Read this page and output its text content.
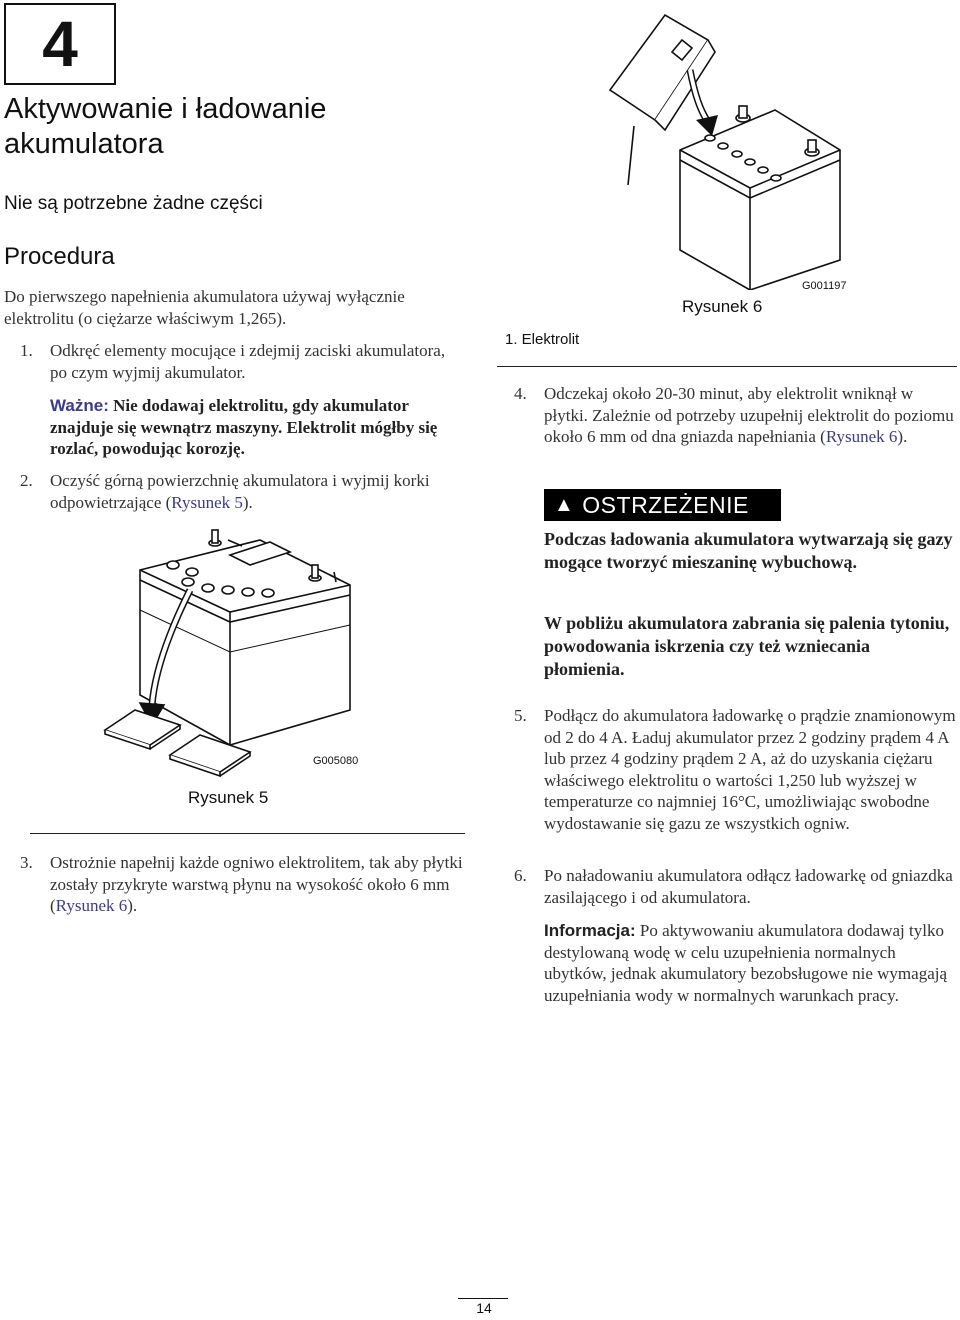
4
Aktywowanie i ładowanie akumulatora
Nie są potrzebne żadne części
Procedura
Do pierwszego napełnienia akumulatora używaj wyłącznie elektrolitu (o ciężarze właściwym 1,265).
1. Odkręć elementy mocujące i zdejmij zaciski akumulatora, po czym wyjmij akumulator.
Ważne: Nie dodawaj elektrolitu, gdy akumulator znajduje się wewnątrz maszyny. Elektrolit mógłby się rozlać, powodując korozję.
2. Oczyść górną powierzchnię akumulatora i wyjmij korki odpowietrzające (Rysunek 5).
G005080
Rysunek 5
3. Ostrożnie napełnij każde ogniwo elektrolitem, tak aby płytki zostały przykryte warstwą płynu na wysokość około 6 mm (Rysunek 6).
G001197
Rysunek 6
1. Elektrolit
4. Odczekaj około 20-30 minut, aby elektrolit wniknął w płytki. Zależnie od potrzeby uzupełnij elektrolit do poziomu około 6 mm od dna gniazda napełniania (Rysunek 6).
▲ OSTRZEŻENIE
Podczas ładowania akumulatora wytwarzają się gazy mogące tworzyć mieszaninę wybuchową.
W pobliżu akumulatora zabrania się palenia tytoniu, powodowania iskrzenia czy też wzniecania płomienia.
5. Podłącz do akumulatora ładowarkę o prądzie znamionowym od 2 do 4 A. Ładuj akumulator przez 2 godziny prądem 4 A lub przez 4 godziny prądem 2 A, aż do uzyskania ciężaru właściwego elektrolitu o wartości 1,250 lub wyższej w temperaturze co najmniej 16°C, umożliwiając swobodne wydostawanie się gazu ze wszystkich ogniw.
6. Po naładowaniu akumulatora odłącz ładowarkę od gniazdka zasilającego i od akumulatora.
Informacja: Po aktywowaniu akumulatora dodawaj tylko destylowaną wodę w celu uzupełnienia normalnych ubytków, jednak akumulatory bezobsługowe nie wymagają uzupełniania wody w normalnych warunkach pracy.
14
